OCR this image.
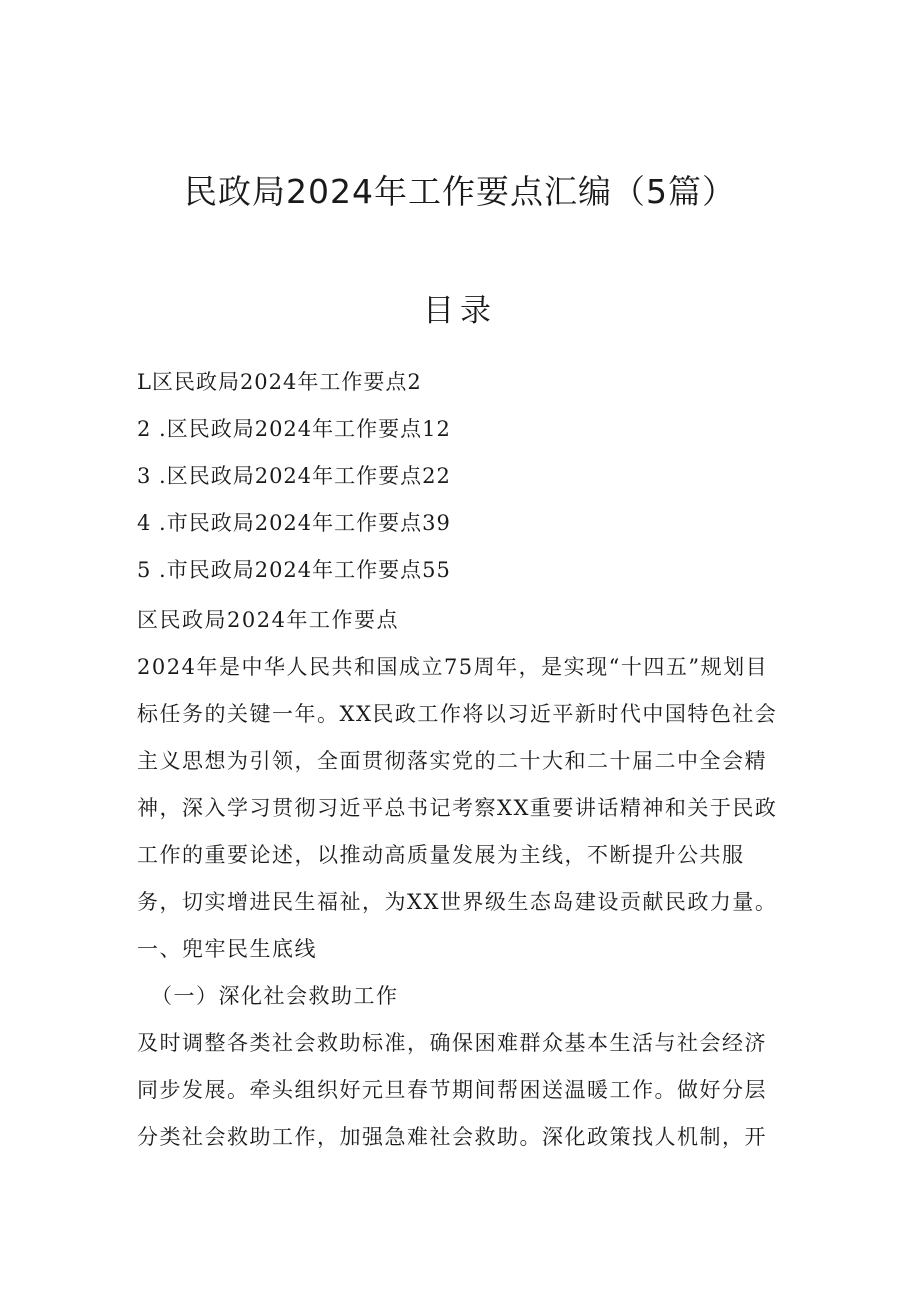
民政局2024年工作要点汇编（5篇）
目录
L区民政局2024年工作要点2
2 .区民政局2024年工作要点12
3 .区民政局2024年工作要点22
4 .市民政局2024年工作要点39
5 .市民政局2024年工作要点55
区民政局2024年工作要点
2024年是中华人民共和国成立75周年，是实现“十四五”规划目
标任务的关键一年。XX民政工作将以习近平新时代中国特色社会
主义思想为引领，全面贯彻落实党的二十大和二十届二中全会精
神，深入学习贯彻习近平总书记考察XX重要讲话精神和关于民政
工作的重要论述，以推动高质量发展为主线，不断提升公共服
务，切实增进民生福祉，为XX世界级生态岛建设贡献民政力量。
一、兜牢民生底线
（一）深化社会救助工作
及时调整各类社会救助标准，确保困难群众基本生活与社会经济
同步发展。牵头组织好元旦春节期间帮困送温暖工作。做好分层
分类社会救助工作，加强急难社会救助。深化政策找人机制，开
